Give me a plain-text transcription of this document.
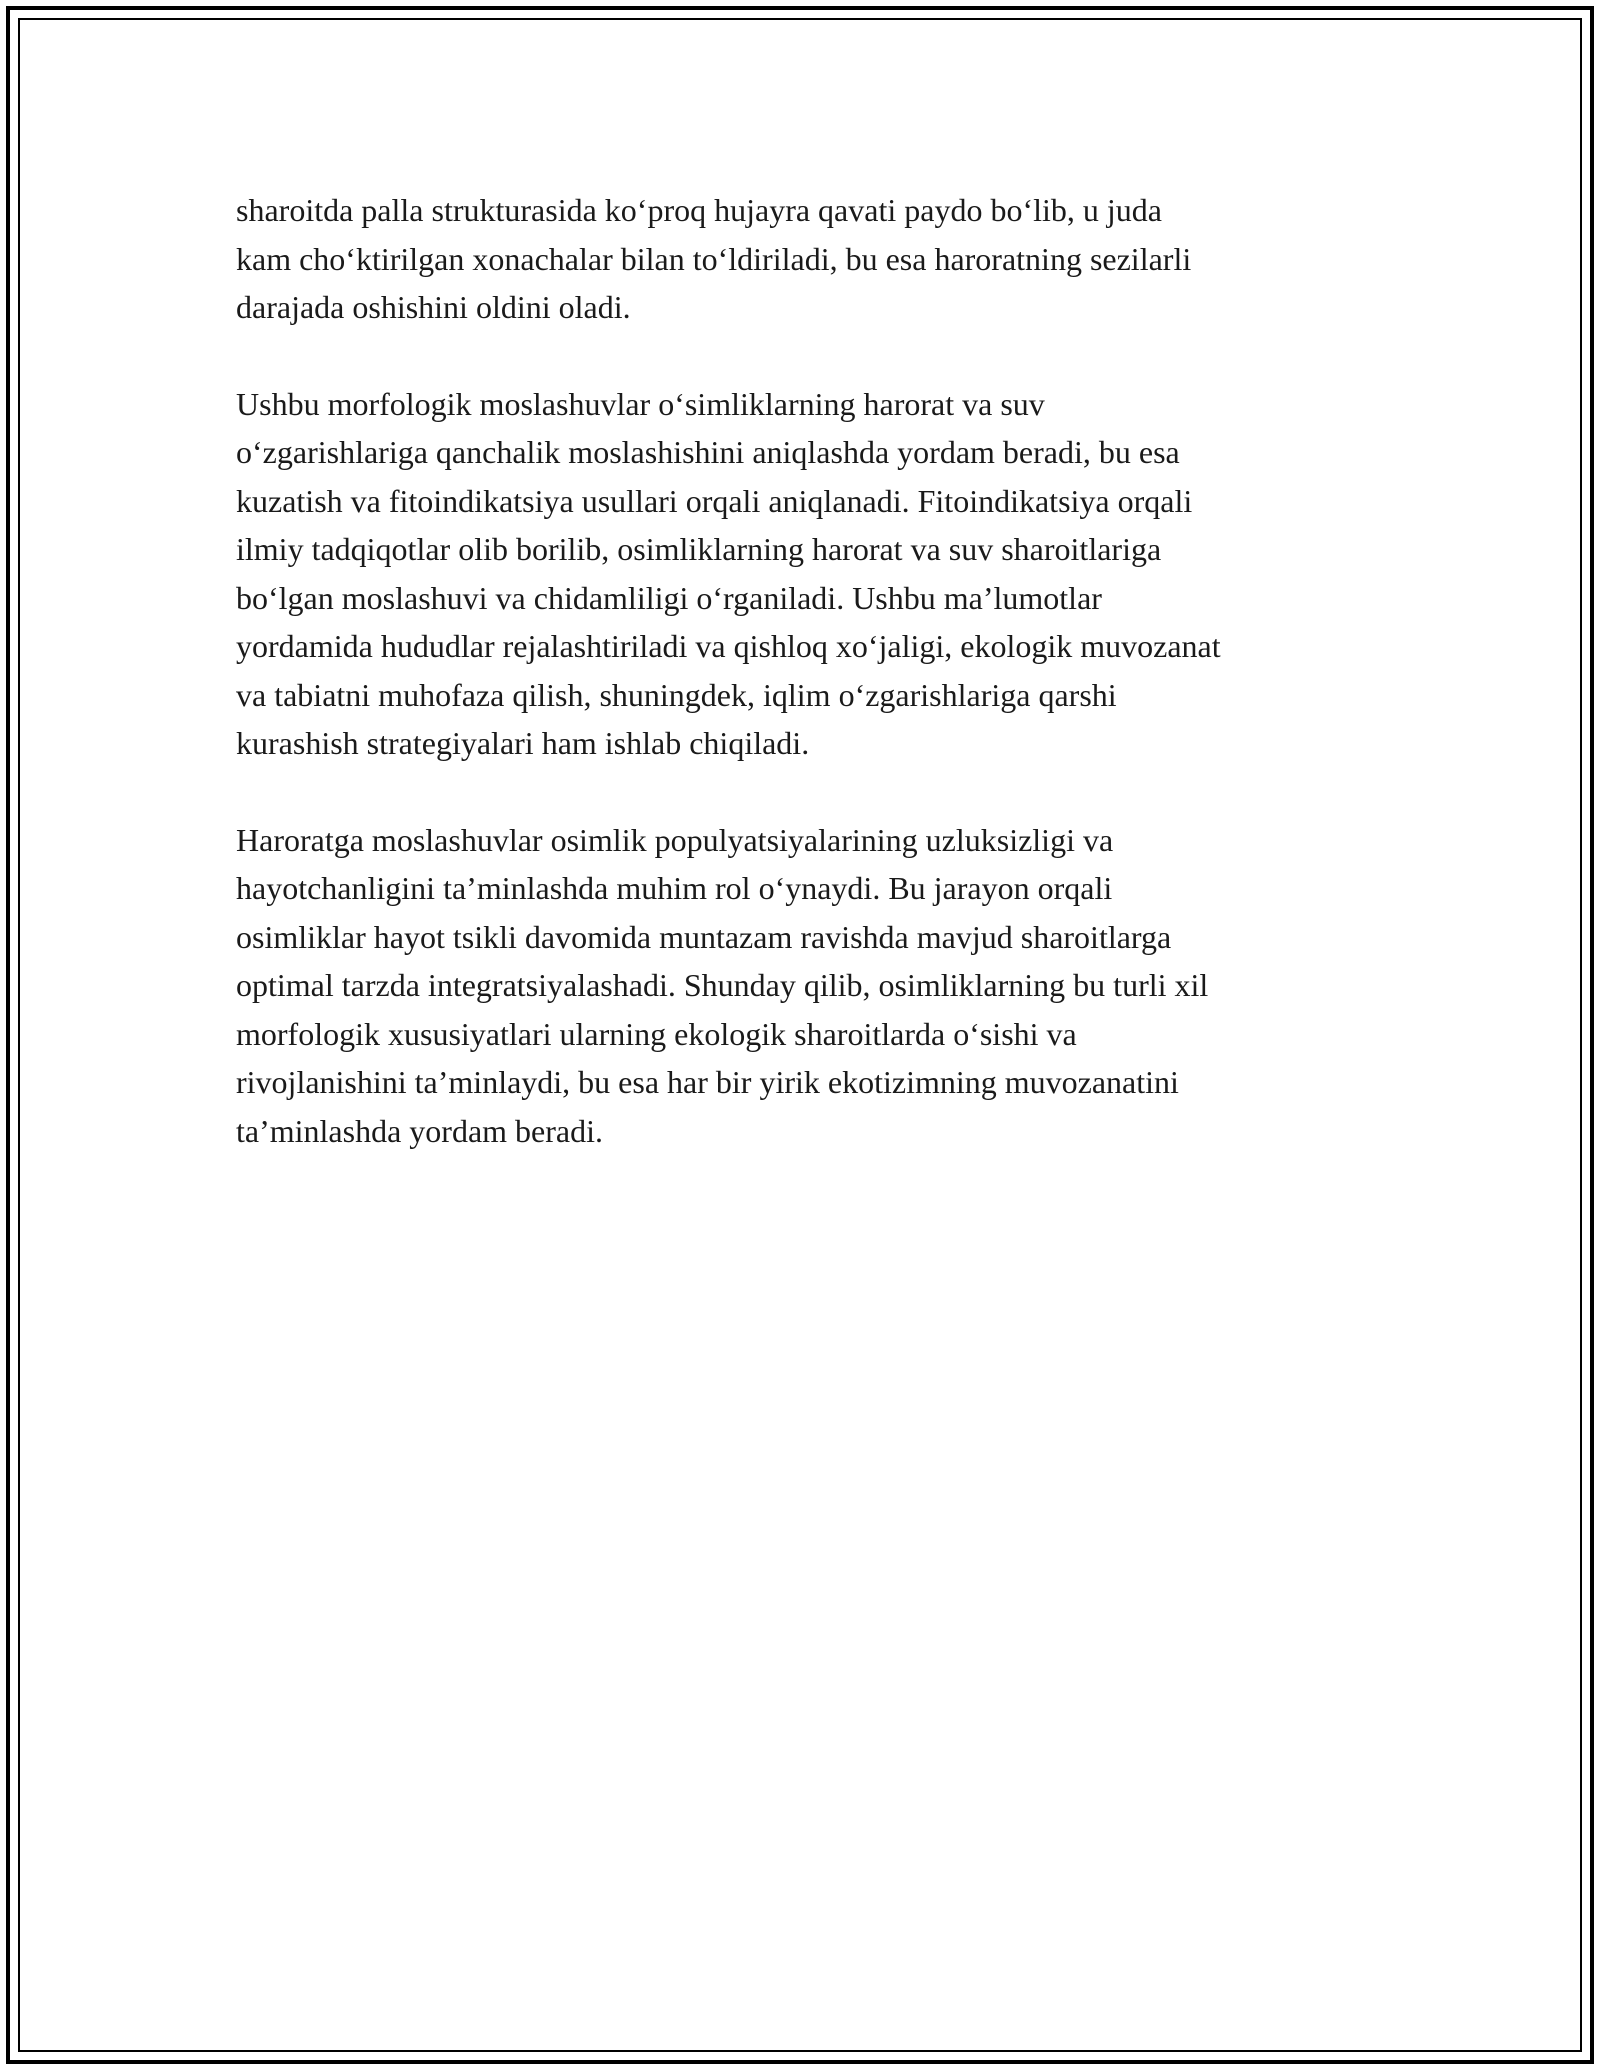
sharoitda palla strukturasida ko‘proq hujayra qavati paydo bo‘lib, u juda
kam cho‘ktirilgan xonachalar bilan to‘ldiriladi, bu esa haroratning sezilarli
darajada oshishini oldini oladi.

Ushbu morfologik moslashuvlar o‘simliklarning harorat va suv
o‘zgarishlariga qanchalik moslashishini aniqlashda yordam beradi, bu esa
kuzatish va fitoindikatsiya usullari orqali aniqlanadi. Fitoindikatsiya orqali
ilmiy tadqiqotlar olib borilib, osimliklarning harorat va suv sharoitlariga
bo‘lgan moslashuvi va chidamliligi o‘rganiladi. Ushbu ma’lumotlar
yordamida hududlar rejalashtiriladi va qishloq xo‘jaligi, ekologik muvozanat
va tabiatni muhofaza qilish, shuningdek, iqlim o‘zgarishlariga qarshi
kurashish strategiyalari ham ishlab chiqiladi.

Haroratga moslashuvlar osimlik populyatsiyalarining uzluksizligi va
hayotchanligini ta’minlashda muhim rol o‘ynaydi. Bu jarayon orqali
osimliklar hayot tsikli davomida muntazam ravishda mavjud sharoitlarga
optimal tarzda integratsiyalashadi. Shunday qilib, osimliklarning bu turli xil
morfologik xususiyatlari ularning ekologik sharoitlarda o‘sishi va
rivojlanishini ta’minlaydi, bu esa har bir yirik ekotizimning muvozanatini
ta’minlashda yordam beradi.
